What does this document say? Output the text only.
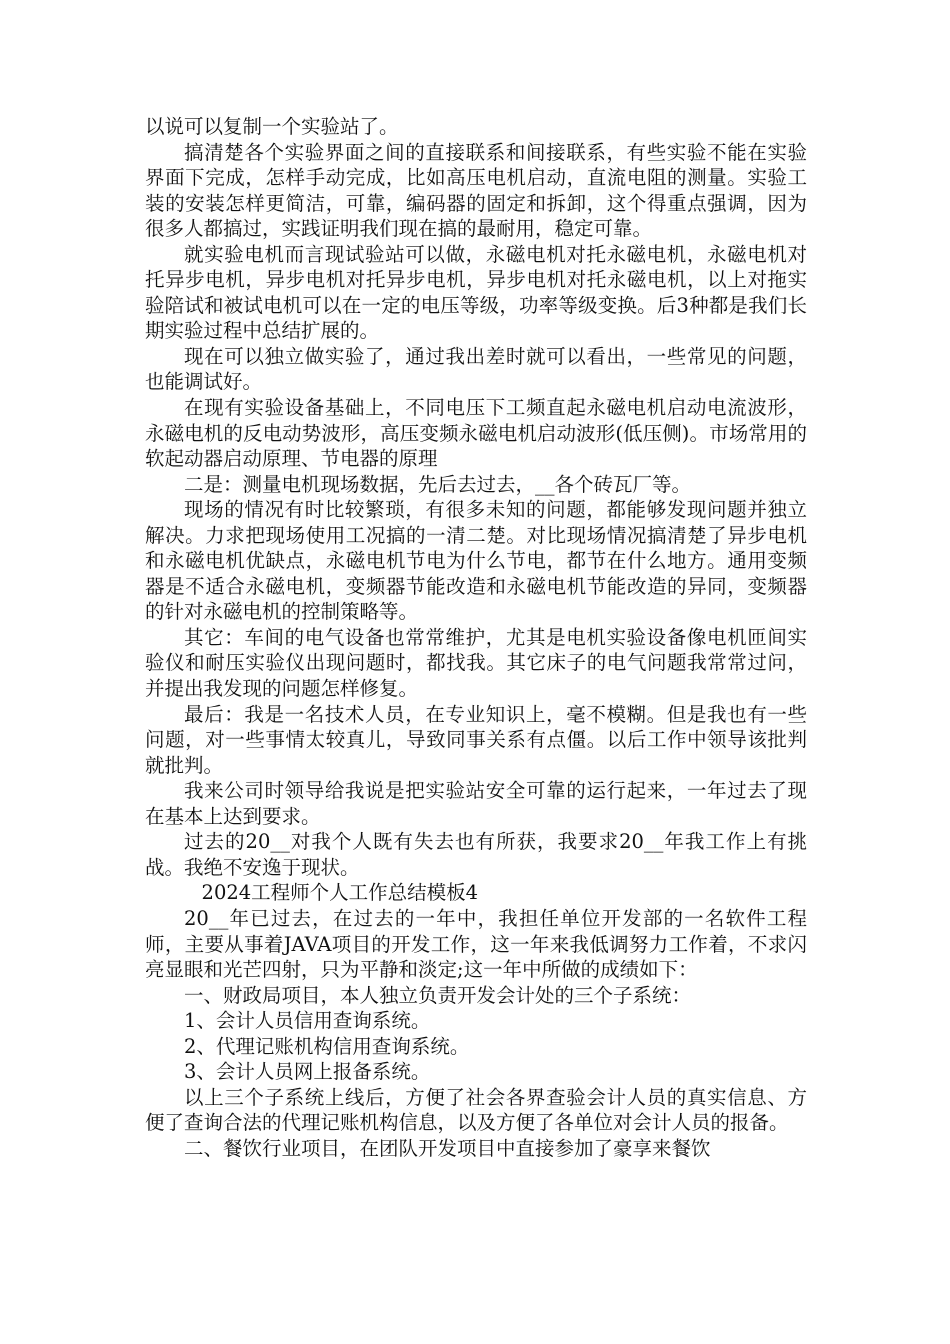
以说可以复制一个实验站了。

搞清楚各个实验界面之间的直接联系和间接联系，有些实验不能在实验界面下完成，怎样手动完成，比如高压电机启动，直流电阻的测量。实验工装的安装怎样更简洁，可靠，编码器的固定和拆卸，这个得重点强调，因为很多人都搞过，实践证明我们现在搞的最耐用，稳定可靠。

就实验电机而言现试验站可以做，永磁电机对托永磁电机，永磁电机对托异步电机，异步电机对托异步电机，异步电机对托永磁电机，以上对拖实验陪试和被试电机可以在一定的电压等级，功率等级变换。后3种都是我们长期实验过程中总结扩展的。

现在可以独立做实验了，通过我出差时就可以看出，一些常见的问题，也能调试好。

在现有实验设备基础上，不同电压下工频直起永磁电机启动电流波形，永磁电机的反电动势波形，高压变频永磁电机启动波形(低压侧)。市场常用的软起动器启动原理、节电器的原理

二是：测量电机现场数据，先后去过去，__各个砖瓦厂等。

现场的情况有时比较繁琐，有很多未知的问题，都能够发现问题并独立解决。力求把现场使用工况搞的一清二楚。对比现场情况搞清楚了异步电机和永磁电机优缺点，永磁电机节电为什么节电，都节在什么地方。通用变频器是不适合永磁电机，变频器节能改造和永磁电机节能改造的异同，变频器的针对永磁电机的控制策略等。

其它：车间的电气设备也常常维护，尤其是电机实验设备像电机匝间实验仪和耐压实验仪出现问题时，都找我。其它床子的电气问题我常常过问，并提出我发现的问题怎样修复。

最后：我是一名技术人员，在专业知识上，毫不模糊。但是我也有一些问题，对一些事情太较真儿，导致同事关系有点僵。以后工作中领导该批判就批判。

我来公司时领导给我说是把实验站安全可靠的运行起来，一年过去了现在基本上达到要求。

过去的20__对我个人既有失去也有所获，我要求20__年我工作上有挑战。我绝不安逸于现状。

2024工程师个人工作总结模板4

20__年已过去，在过去的一年中，我担任单位开发部的一名软件工程师，主要从事着JAVA项目的开发工作，这一年来我低调努力工作着，不求闪亮显眼和光芒四射，只为平静和淡定;这一年中所做的成绩如下：

一、财政局项目，本人独立负责开发会计处的三个子系统：

1、会计人员信用查询系统。

2、代理记账机构信用查询系统。

3、会计人员网上报备系统。

以上三个子系统上线后，方便了社会各界查验会计人员的真实信息、方便了查询合法的代理记账机构信息，以及方便了各单位对会计人员的报备。

二、餐饮行业项目，在团队开发项目中直接参加了豪享来餐饮
